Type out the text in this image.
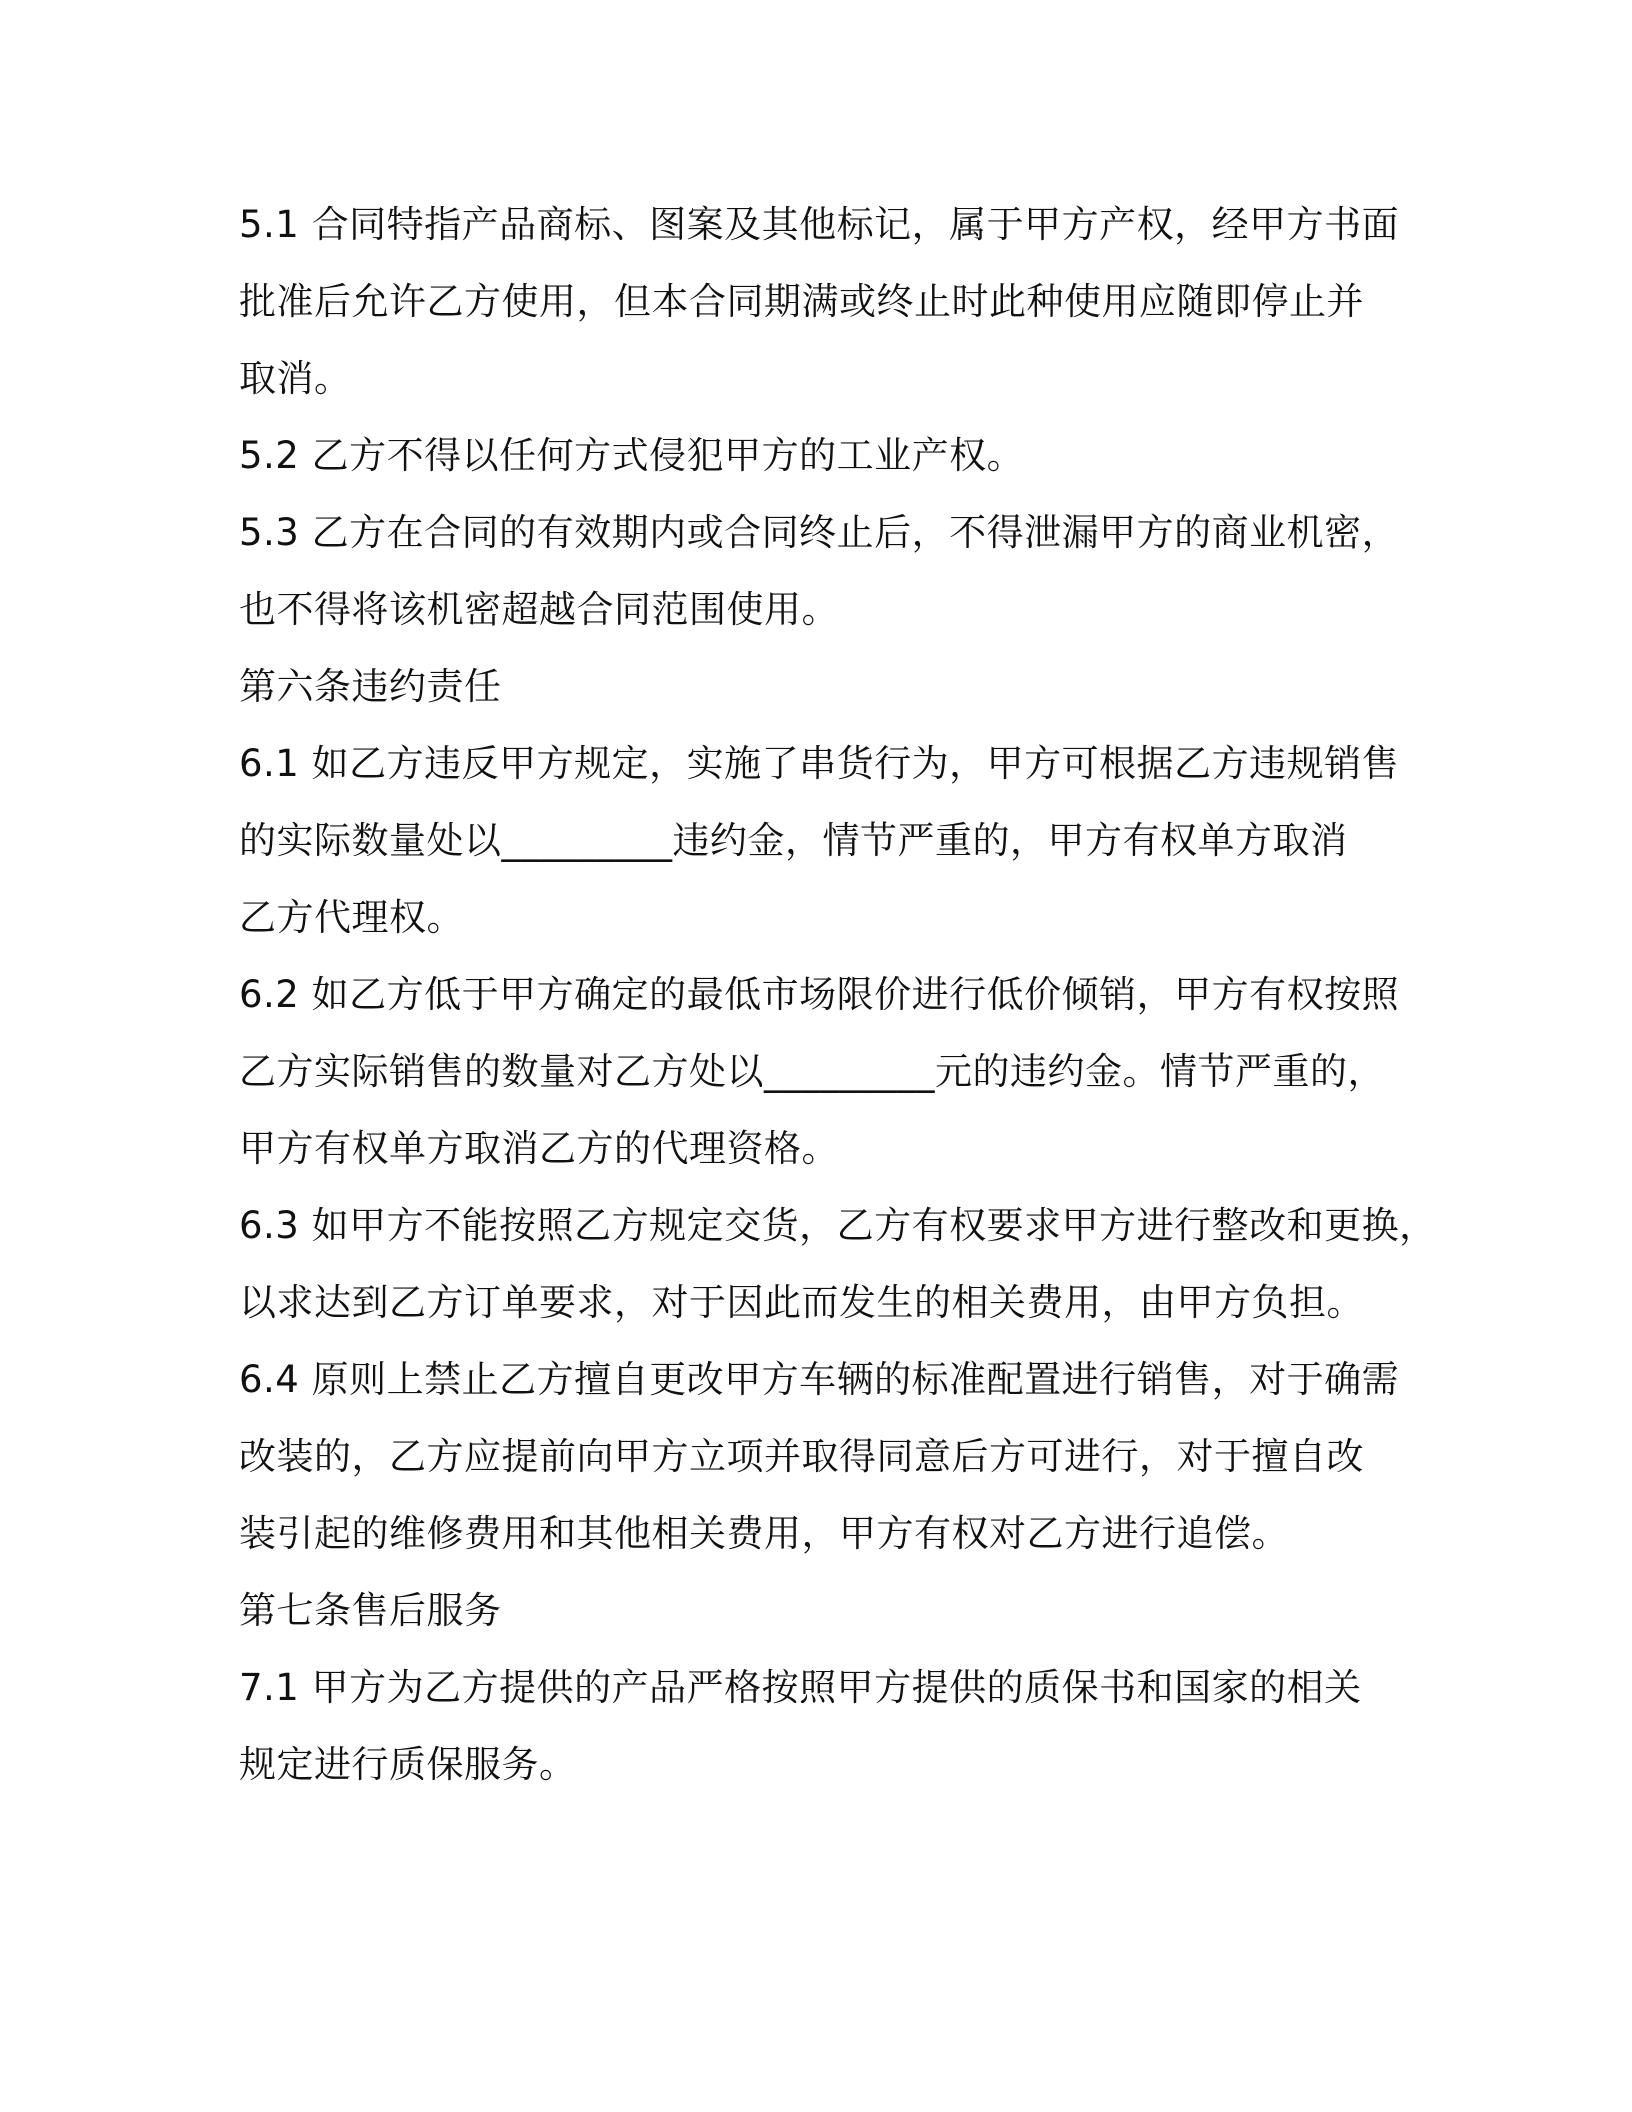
5.1 合同特指产品商标、图案及其他标记，属于甲方产权，经甲方书面
批准后允许乙方使用，但本合同期满或终止时此种使用应随即停止并
取消。
5.2 乙方不得以任何方式侵犯甲方的工业产权。
5.3 乙方在合同的有效期内或合同终止后，不得泄漏甲方的商业机密，
也不得将该机密超越合同范围使用。
第六条违约责任
6.1 如乙方违反甲方规定，实施了串货行为，甲方可根据乙方违规销售
的实际数量处以_________违约金，情节严重的，甲方有权单方取消
乙方代理权。
6.2 如乙方低于甲方确定的最低市场限价进行低价倾销，甲方有权按照
乙方实际销售的数量对乙方处以_________元的违约金。情节严重的，
甲方有权单方取消乙方的代理资格。
6.3 如甲方不能按照乙方规定交货，乙方有权要求甲方进行整改和更换，
以求达到乙方订单要求，对于因此而发生的相关费用，由甲方负担。
6.4 原则上禁止乙方擅自更改甲方车辆的标准配置进行销售，对于确需
改装的，乙方应提前向甲方立项并取得同意后方可进行，对于擅自改
装引起的维修费用和其他相关费用，甲方有权对乙方进行追偿。
第七条售后服务
7.1 甲方为乙方提供的产品严格按照甲方提供的质保书和国家的相关
规定进行质保服务。
